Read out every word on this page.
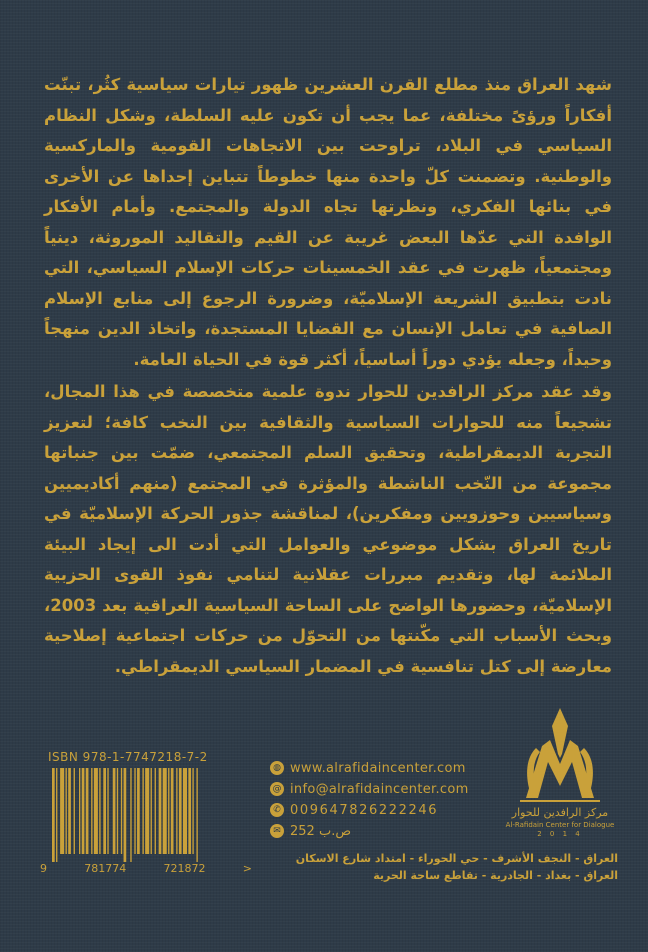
شهد العراق منذ مطلع القرن العشرين ظهور تيارات سياسية كثُر، تبنّت أفكاراً ورؤىً مختلفة، عما يجب أن تكون عليه السلطة، وشكل النظام السياسي في البلاد، تراوحت بين الاتجاهات القومية والماركسية والوطنية. وتضمنت كلّ واحدة منها خطوطاً تتباين إحداها عن الأخرى في بنائها الفكري، ونظرتها تجاه الدولة والمجتمع. وأمام الأفكار الوافدة التي عدّها البعض غريبة عن القيم والتقاليد الموروثة، دينياً ومجتمعياً، ظهرت في عقد الخمسينات حركات الإسلام السياسي، التي نادت بتطبيق الشريعة الإسلاميّة، وضرورة الرجوع إلى منابع الإسلام الصافية في تعامل الإنسان مع القضايا المستجدة، واتخاذ الدين منهجاً وحيداً، وجعله يؤدي دوراً أساسياً، أكثر قوة في الحياة العامة.

وقد عقد مركز الرافدين للحوار ندوة علمية متخصصة في هذا المجال، تشجيعاً منه للحوارات السياسية والثقافية بين النخب كافة؛ لتعزيز التجربة الديمقراطية، وتحقيق السلم المجتمعي، ضمّت بين جنباتها مجموعة من النّخب الناشطة والمؤثرة في المجتمع (منهم أكاديميين وسياسيين وحوزويين ومفكرين)، لمناقشة جذور الحركة الإسلاميّة في تاريخ العراق بشكل موضوعي والعوامل التي أدت الى إيجاد البيئة الملائمة لها، وتقديم مبررات عقلانية لتنامي نفوذ القوى الحزبية الإسلاميّة، وحضورها الواضح على الساحة السياسية العراقية بعد 2003، وبحث الأسباب التي مكّنتها من التحوّل من حركات اجتماعية إصلاحية معارضة إلى كتل تنافسية في المضمار السياسي الديمقراطي.

ISBN 978-1-7747218-7-2
9	781774	721872	>
◍ www.alrafidaincenter.com
@ info@alrafidaincenter.com
✆ 009647826222246
✉ ص.ب 252
مركز الرافدين للحوار
Al-Rafidain Center for Dialogue
2 0 1 4
العراق - النجف الأشرف - حي الحوراء - امتداد شارع الاسكان
العراق - بغداد - الجادرية - تقاطع ساحة الحرية
